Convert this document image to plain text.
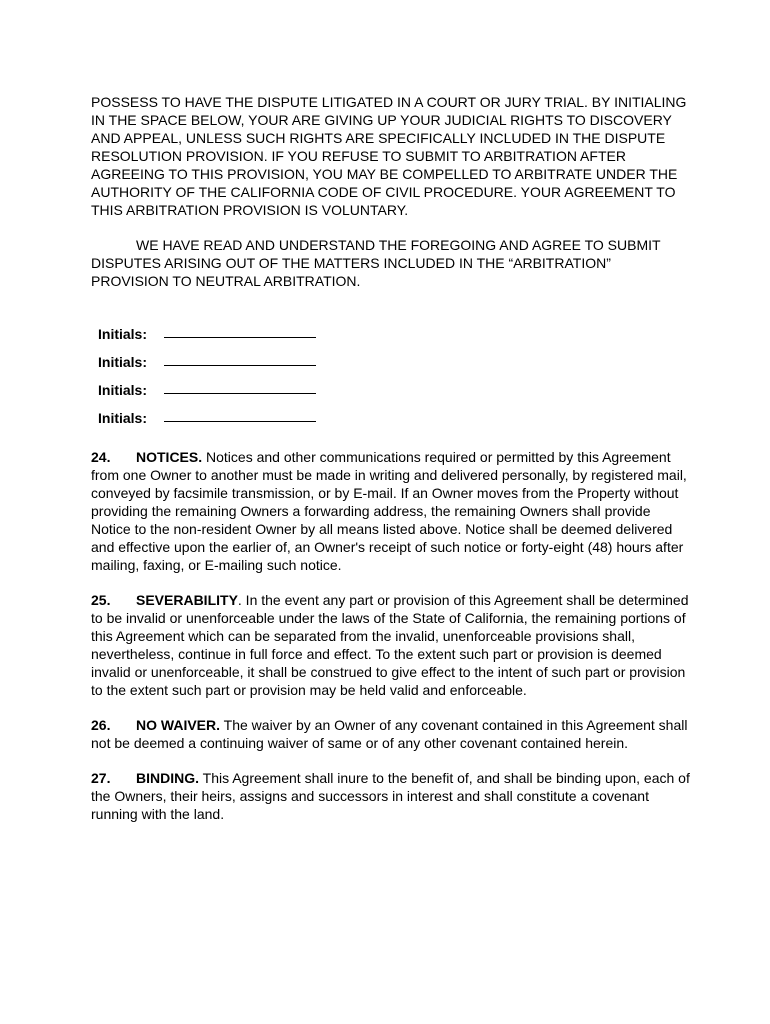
POSSESS TO HAVE THE DISPUTE LITIGATED IN A COURT OR JURY TRIAL. BY INITIALING IN THE SPACE BELOW, YOUR ARE GIVING UP YOUR JUDICIAL RIGHTS TO DISCOVERY AND APPEAL, UNLESS SUCH RIGHTS ARE SPECIFICALLY INCLUDED IN THE DISPUTE RESOLUTION PROVISION. IF YOU REFUSE TO SUBMIT TO ARBITRATION AFTER AGREEING TO THIS PROVISION, YOU MAY BE COMPELLED TO ARBITRATE UNDER THE AUTHORITY OF THE CALIFORNIA CODE OF CIVIL PROCEDURE. YOUR AGREEMENT TO THIS ARBITRATION PROVISION IS VOLUNTARY.

WE HAVE READ AND UNDERSTAND THE FOREGOING AND AGREE TO SUBMIT DISPUTES ARISING OUT OF THE MATTERS INCLUDED IN THE “ARBITRATION” PROVISION TO NEUTRAL ARBITRATION.

Initials:
Initials:
Initials:
Initials:

24. NOTICES. Notices and other communications required or permitted by this Agreement from one Owner to another must be made in writing and delivered personally, by registered mail, conveyed by facsimile transmission, or by E-mail. If an Owner moves from the Property without providing the remaining Owners a forwarding address, the remaining Owners shall provide Notice to the non-resident Owner by all means listed above. Notice shall be deemed delivered and effective upon the earlier of, an Owner's receipt of such notice or forty-eight (48) hours after mailing, faxing, or E-mailing such notice.

25. SEVERABILITY. In the event any part or provision of this Agreement shall be determined to be invalid or unenforceable under the laws of the State of California, the remaining portions of this Agreement which can be separated from the invalid, unenforceable provisions shall, nevertheless, continue in full force and effect. To the extent such part or provision is deemed invalid or unenforceable, it shall be construed to give effect to the intent of such part or provision to the extent such part or provision may be held valid and enforceable.

26. NO WAIVER. The waiver by an Owner of any covenant contained in this Agreement shall not be deemed a continuing waiver of same or of any other covenant contained herein.

27. BINDING. This Agreement shall inure to the benefit of, and shall be binding upon, each of the Owners, their heirs, assigns and successors in interest and shall constitute a covenant running with the land.
